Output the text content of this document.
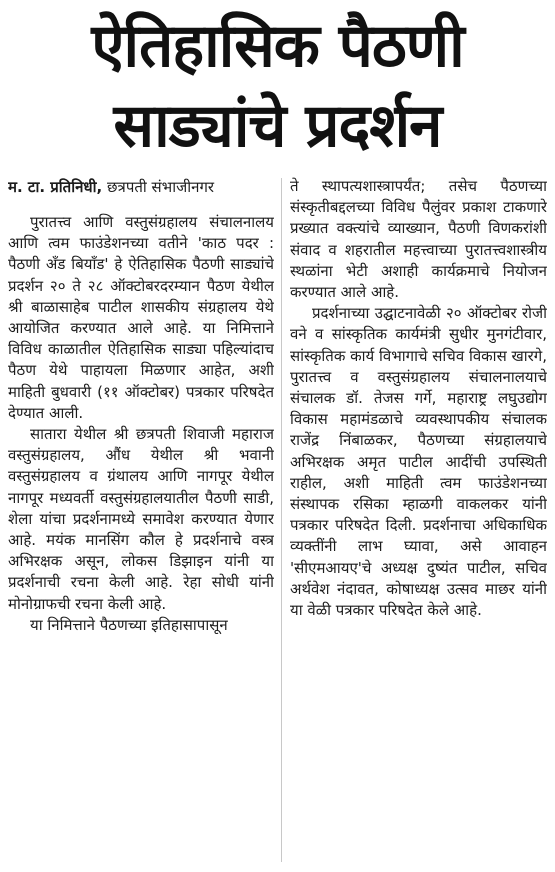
ऐतिहासिक पैठणी
साड्यांचे प्रदर्शन

म. टा. प्रतिनिधी, छत्रपती संभाजीनगर

पुरातत्त्व आणि वस्तुसंग्रहालय संचालनालय आणि त्वम फाउंडेशनच्या वतीने 'काठ पदर : पैठणी अँड बियाँड' हे ऐतिहासिक पैठणी साड्यांचे प्रदर्शन २० ते २८ ऑक्टोबरदरम्यान पैठण येथील श्री बाळासाहेब पाटील शासकीय संग्रहालय येथे आयोजित करण्यात आले आहे. या निमित्ताने विविध काळातील ऐतिहासिक साड्या पहिल्यांदाच पैठण येथे पाहायला मिळणार आहेत, अशी माहिती बुधवारी (११ ऑक्टोबर) पत्रकार परिषदेत देण्यात आली.

सातारा येथील श्री छत्रपती शिवाजी महाराज वस्तुसंग्रहालय, औंध येथील श्री भवानी वस्तुसंग्रहालय व ग्रंथालय आणि नागपूर येथील नागपूर मध्यवर्ती वस्तुसंग्रहालयातील पैठणी साडी, शेला यांचा प्रदर्शनामध्ये समावेश करण्यात येणार आहे. मयंक मानसिंग कौल हे प्रदर्शनाचे वस्त्र अभिरक्षक असून, लोकस डिझाइन यांनी या प्रदर्शनाची रचना केली आहे. रेहा सोधी यांनी मोनोग्राफची रचना केली आहे.

या निमित्ताने पैठणच्या इतिहासापासून

ते स्थापत्यशास्त्रापर्यंत; तसेच पैठणच्या संस्कृतीबद्दलच्या विविध पैलुंवर प्रकाश टाकणारे प्रख्यात वक्त्यांचे व्याख्यान, पैठणी विणकरांशी संवाद व शहरातील महत्त्वाच्या पुरातत्त्वशास्त्रीय स्थळांना भेटी अशाही कार्यक्रमाचे नियोजन करण्यात आले आहे.

प्रदर्शनाच्या उद्घाटनावेळी २० ऑक्टोबर रोजी वने व सांस्कृतिक कार्यमंत्री सुधीर मुनगंटीवार, सांस्कृतिक कार्य विभागाचे सचिव विकास खारगे, पुरातत्त्व व वस्तुसंग्रहालय संचालनालयाचे संचालक डॉ. तेजस गर्गे, महाराष्ट्र लघुउद्योग विकास महामंडळाचे व्यवस्थापकीय संचालक राजेंद्र निंबाळकर, पैठणच्या संग्रहालयाचे अभिरक्षक अमृत पाटील आदींची उपस्थिती राहील, अशी माहिती त्वम फाउंडेशनच्या संस्थापक रसिका म्हाळगी वाकलकर यांनी पत्रकार परिषदेत दिली. प्रदर्शनाचा अधिकाधिक व्यक्तींनी लाभ घ्यावा, असे आवाहन 'सीएमआयए'चे अध्यक्ष दुष्यंत पाटील, सचिव अर्थवेश नंदावत, कोषाध्यक्ष उत्सव माछर यांनी या वेळी पत्रकार परिषदेत केले आहे.
